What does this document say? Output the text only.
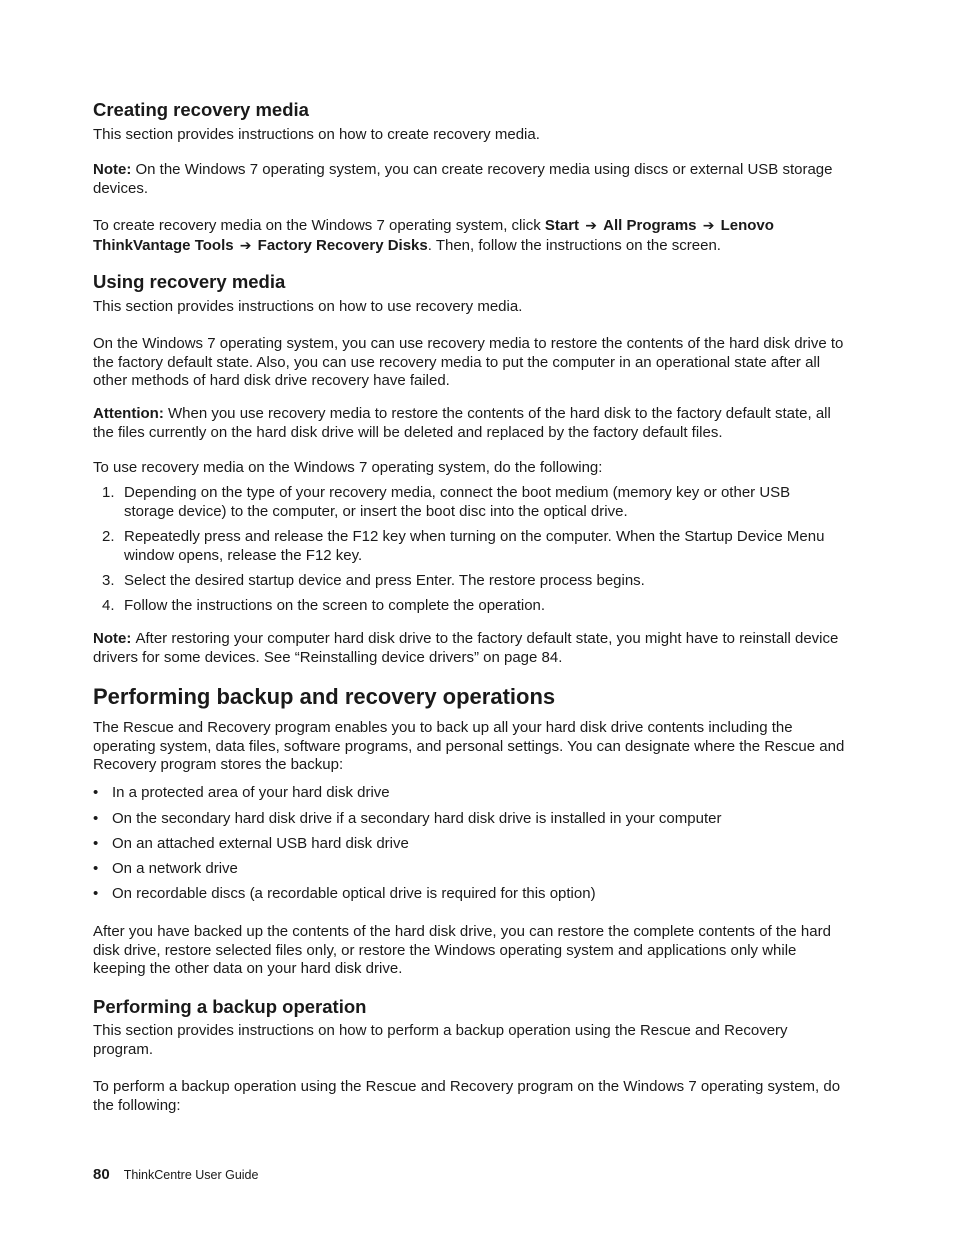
Creating recovery media

This section provides instructions on how to create recovery media.

Note: On the Windows 7 operating system, you can create recovery media using discs or external USB storage devices.

To create recovery media on the Windows 7 operating system, click Start ➔ All Programs ➔ Lenovo ThinkVantage Tools ➔ Factory Recovery Disks. Then, follow the instructions on the screen.

Using recovery media

This section provides instructions on how to use recovery media.

On the Windows 7 operating system, you can use recovery media to restore the contents of the hard disk drive to the factory default state. Also, you can use recovery media to put the computer in an operational state after all other methods of hard disk drive recovery have failed.

Attention: When you use recovery media to restore the contents of the hard disk to the factory default state, all the files currently on the hard disk drive will be deleted and replaced by the factory default files.

To use recovery media on the Windows 7 operating system, do the following:

1. Depending on the type of your recovery media, connect the boot medium (memory key or other USB storage device) to the computer, or insert the boot disc into the optical drive.
2. Repeatedly press and release the F12 key when turning on the computer. When the Startup Device Menu window opens, release the F12 key.
3. Select the desired startup device and press Enter. The restore process begins.
4. Follow the instructions on the screen to complete the operation.

Note: After restoring your computer hard disk drive to the factory default state, you might have to reinstall device drivers for some devices. See “Reinstalling device drivers” on page 84.

Performing backup and recovery operations

The Rescue and Recovery program enables you to back up all your hard disk drive contents including the operating system, data files, software programs, and personal settings. You can designate where the Rescue and Recovery program stores the backup:

• In a protected area of your hard disk drive
• On the secondary hard disk drive if a secondary hard disk drive is installed in your computer
• On an attached external USB hard disk drive
• On a network drive
• On recordable discs (a recordable optical drive is required for this option)

After you have backed up the contents of the hard disk drive, you can restore the complete contents of the hard disk drive, restore selected files only, or restore the Windows operating system and applications only while keeping the other data on your hard disk drive.

Performing a backup operation

This section provides instructions on how to perform a backup operation using the Rescue and Recovery program.

To perform a backup operation using the Rescue and Recovery program on the Windows 7 operating system, do the following:

80 ThinkCentre User Guide
